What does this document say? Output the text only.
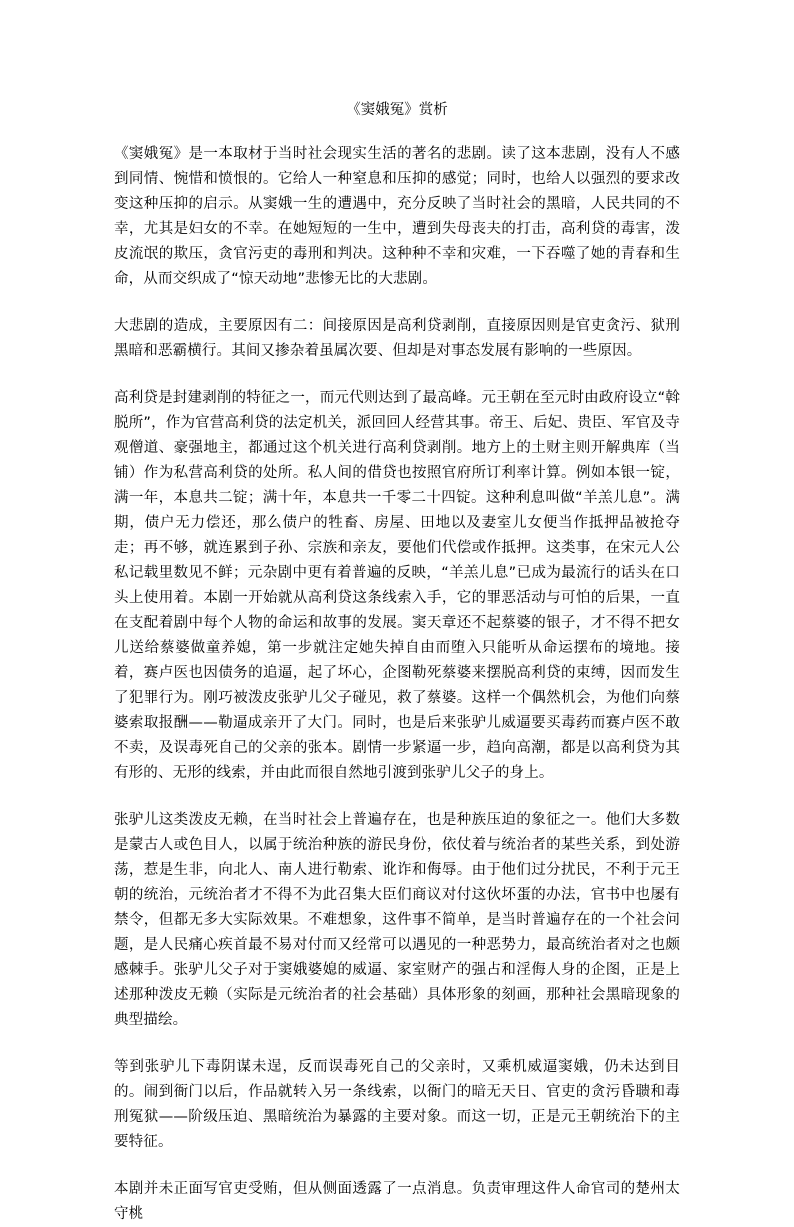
《窦娥冤》赏析

《窦娥冤》是一本取材于当时社会现实生活的著名的悲剧。读了这本悲剧，没有人不感到同情、惋惜和愤恨的。它给人一种窒息和压抑的感觉；同时，也给人以强烈的要求改变这种压抑的启示。从窦娥一生的遭遇中，充分反映了当时社会的黑暗，人民共同的不幸，尤其是妇女的不幸。在她短短的一生中，遭到失母丧夫的打击，高利贷的毒害，泼皮流氓的欺压，贪官污吏的毒刑和判决。这种种不幸和灾难，一下吞噬了她的青春和生命，从而交织成了“惊天动地”悲惨无比的大悲剧。

大悲剧的造成，主要原因有二：间接原因是高利贷剥削，直接原因则是官吏贪污、狱刑黑暗和恶霸横行。其间又掺杂着虽属次要、但却是对事态发展有影响的一些原因。

高利贷是封建剥削的特征之一，而元代则达到了最高峰。元王朝在至元时由政府设立“斡脱所”，作为官营高利贷的法定机关，派回回人经营其事。帝王、后妃、贵臣、军官及寺观僧道、豪强地主，都通过这个机关进行高利贷剥削。地方上的土财主则开解典库（当铺）作为私营高利贷的处所。私人间的借贷也按照官府所订利率计算。例如本银一锭，满一年，本息共二锭；满十年，本息共一千零二十四锭。这种利息叫做“羊羔儿息”。满期，债户无力偿还，那么债户的牲畜、房屋、田地以及妻室儿女便当作抵押品被抢夺走；再不够，就连累到子孙、宗族和亲友，要他们代偿或作抵押。这类事，在宋元人公私记载里数见不鲜；元杂剧中更有着普遍的反映，“羊羔儿息”已成为最流行的话头在口头上使用着。本剧一开始就从高利贷这条线索入手，它的罪恶活动与可怕的后果，一直在支配着剧中每个人物的命运和故事的发展。窦天章还不起蔡婆的银子，才不得不把女儿送给蔡婆做童养媳，第一步就注定她失掉自由而堕入只能听从命运摆布的境地。接着，赛卢医也因债务的追逼，起了坏心，企图勒死蔡婆来摆脱高利贷的束缚，因而发生了犯罪行为。刚巧被泼皮张驴儿父子碰见，救了蔡婆。这样一个偶然机会，为他们向蔡婆索取报酬——勒逼成亲开了大门。同时，也是后来张驴儿威逼要买毒药而赛卢医不敢不卖，及误毒死自己的父亲的张本。剧情一步紧逼一步，趋向高潮，都是以高利贷为其有形的、无形的线索，并由此而很自然地引渡到张驴儿父子的身上。

张驴儿这类泼皮无赖，在当时社会上普遍存在，也是种族压迫的象征之一。他们大多数是蒙古人或色目人，以属于统治种族的游民身份，依仗着与统治者的某些关系，到处游荡，惹是生非，向北人、南人进行勒索、讹诈和侮辱。由于他们过分扰民，不利于元王朝的统治，元统治者才不得不为此召集大臣们商议对付这伙坏蛋的办法，官书中也屡有禁令，但都无多大实际效果。不难想象，这件事不简单，是当时普遍存在的一个社会问题，是人民痛心疾首最不易对付而又经常可以遇见的一种恶势力，最高统治者对之也颇感棘手。张驴儿父子对于窦娥婆媳的威逼、家室财产的强占和淫侮人身的企图，正是上述那种泼皮无赖（实际是元统治者的社会基础）具体形象的刻画，那种社会黑暗现象的典型描绘。

等到张驴儿下毒阴谋未逞，反而误毒死自己的父亲时，又乘机威逼窦娥，仍未达到目的。闹到衙门以后，作品就转入另一条线索，以衙门的暗无天日、官吏的贪污昏聩和毒刑冤狱——阶级压迫、黑暗统治为暴露的主要对象。而这一切，正是元王朝统治下的主要特征。

本剧并未正面写官吏受贿，但从侧面透露了一点消息。负责审理这件人命官司的楚州太守桃
